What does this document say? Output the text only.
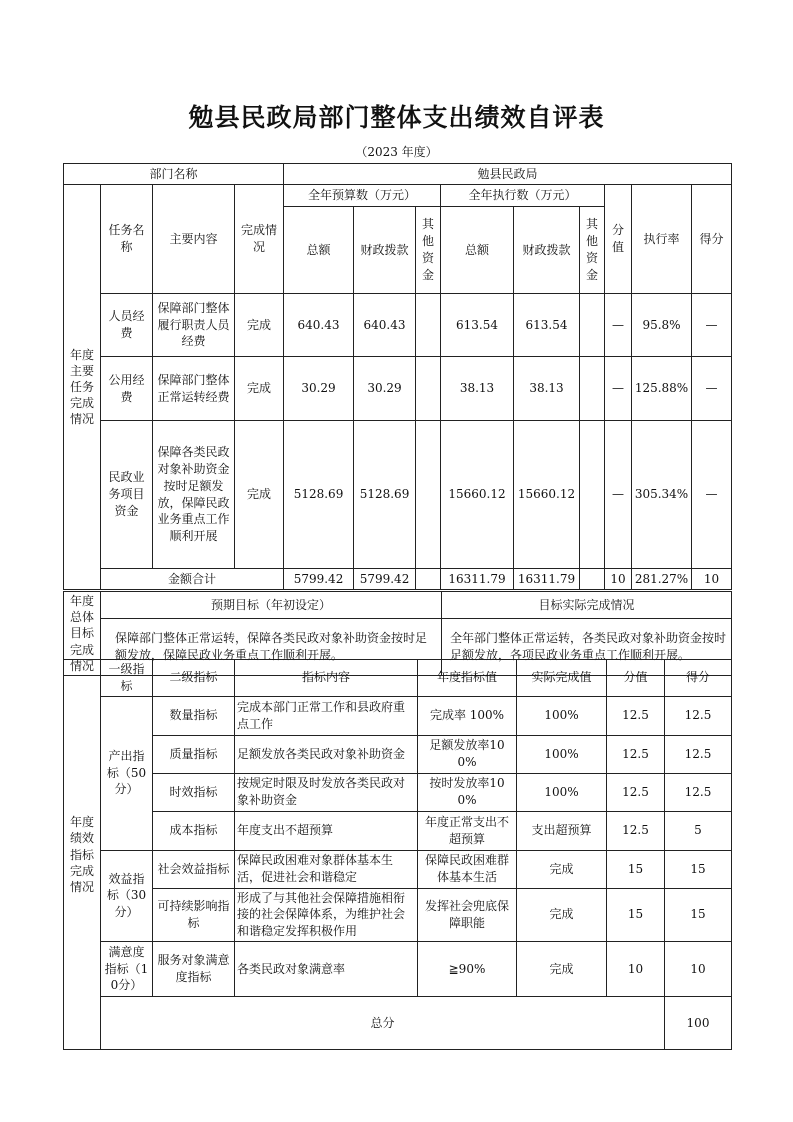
勉县民政局部门整体支出绩效自评表
（2023 年度）
部门名称				勉县民政局								
年度主要任务完成情况	任务名称	主要内容	完成情况	全年预算数（万元）			全年执行数（万元）			分值	执行率	得分
				总额	财政拨款	其他资金	总额	财政拨款	其他资金			
	人员经费	保障部门整体履行职责人员经费	完成	640.43	640.43		613.54	613.54		—	95.8%	—
	公用经费	保障部门整体正常运转经费	完成	30.29	30.29		38.13	38.13		—	125.88%	—
	民政业务项目资金	保障各类民政对象补助资金按时足额发放，保障民政业务重点工作顺利开展	完成	5128.69	5128.69		15660.12	15660.12		—	305.34%	—
	金额合计			5799.42	5799.42		16311.79	16311.79		10	281.27%	10
年度总体目标完成情况	预期目标（年初设定）	目标实际完成情况
	保障部门整体正常运转，保障各类民政对象补助资金按时足额发放，保障民政业务重点工作顺利开展。	全年部门整体正常运转，各类民政对象补助资金按时足额发放，各项民政业务重点工作顺利开展。
年度绩效指标完成情况	一级指标	二级指标	指标内容	年度指标值	实际完成值	分值	得分	
	产出指标（50分）	数量指标	完成本部门正常工作和县政府重点工作	完成率 100%	100%	12.5	12.5	
		质量指标	足额发放各类民政对象补助资金	足额发放率100%	100%	12.5	12.5	
		时效指标	按规定时限及时发放各类民政对象补助资金	按时发放率100%	100%	12.5	12.5	
		成本指标	年度支出不超预算	年度正常支出不超预算	支出超预算	12.5	5	
	效益指标（30分）	社会效益指标	保障民政困难对象群体基本生活，促进社会和谐稳定	保障民政困难群体基本生活	完成	15	15	
		可持续影响指标	形成了与其他社会保障措施相衔接的社会保障体系，为维护社会和谐稳定发挥积极作用	发挥社会兜底保障职能	完成	15	15	
	满意度指标（10分）	服务对象满意度指标	各类民政对象满意率	≧90%	完成	10	10	
	总分						100	
